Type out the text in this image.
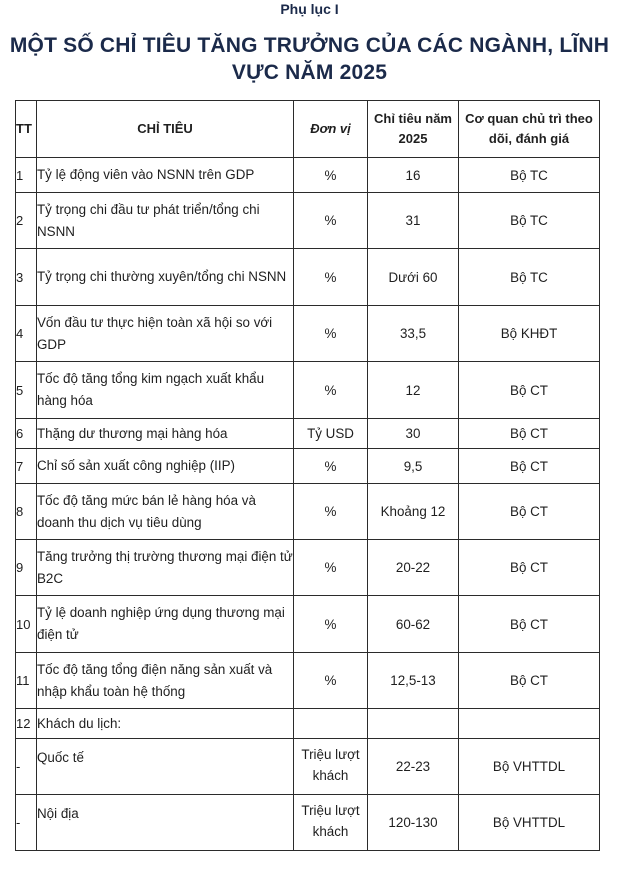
Phụ lục I
MỘT SỐ CHỈ TIÊU TĂNG TRƯỞNG CỦA CÁC NGÀNH, LĨNH VỰC NĂM 2025
TT	CHỈ TIÊU	Đơn vị	Chỉ tiêu năm 2025	Cơ quan chủ trì theo dõi, đánh giá
1	Tỷ lệ động viên vào NSNN trên GDP	%	16	Bộ TC
2	Tỷ trọng chi đầu tư phát triển/tổng chi NSNN	%	31	Bộ TC
3	Tỷ trọng chi thường xuyên/tổng chi NSNN	%	Dưới 60	Bộ TC
4	Vốn đầu tư thực hiện toàn xã hội so với GDP	%	33,5	Bộ KHĐT
5	Tốc độ tăng tổng kim ngạch xuất khẩu hàng hóa	%	12	Bộ CT
6	Thặng dư thương mại hàng hóa	Tỷ USD	30	Bộ CT
7	Chỉ số sản xuất công nghiệp (IIP)	%	9,5	Bộ CT
8	Tốc độ tăng mức bán lẻ hàng hóa và doanh thu dịch vụ tiêu dùng	%	Khoảng 12	Bộ CT
9	Tăng trưởng thị trường thương mại điện tử B2C	%	20-22	Bộ CT
10	Tỷ lệ doanh nghiệp ứng dụng thương mại điện tử	%	60-62	Bộ CT
11	Tốc độ tăng tổng điện năng sản xuất và nhập khẩu toàn hệ thống	%	12,5-13	Bộ CT
12	Khách du lịch:			
-	Quốc tế	Triệu lượt khách	22-23	Bộ VHTTDL
-	Nội địa	Triệu lượt khách	120-130	Bộ VHTTDL
